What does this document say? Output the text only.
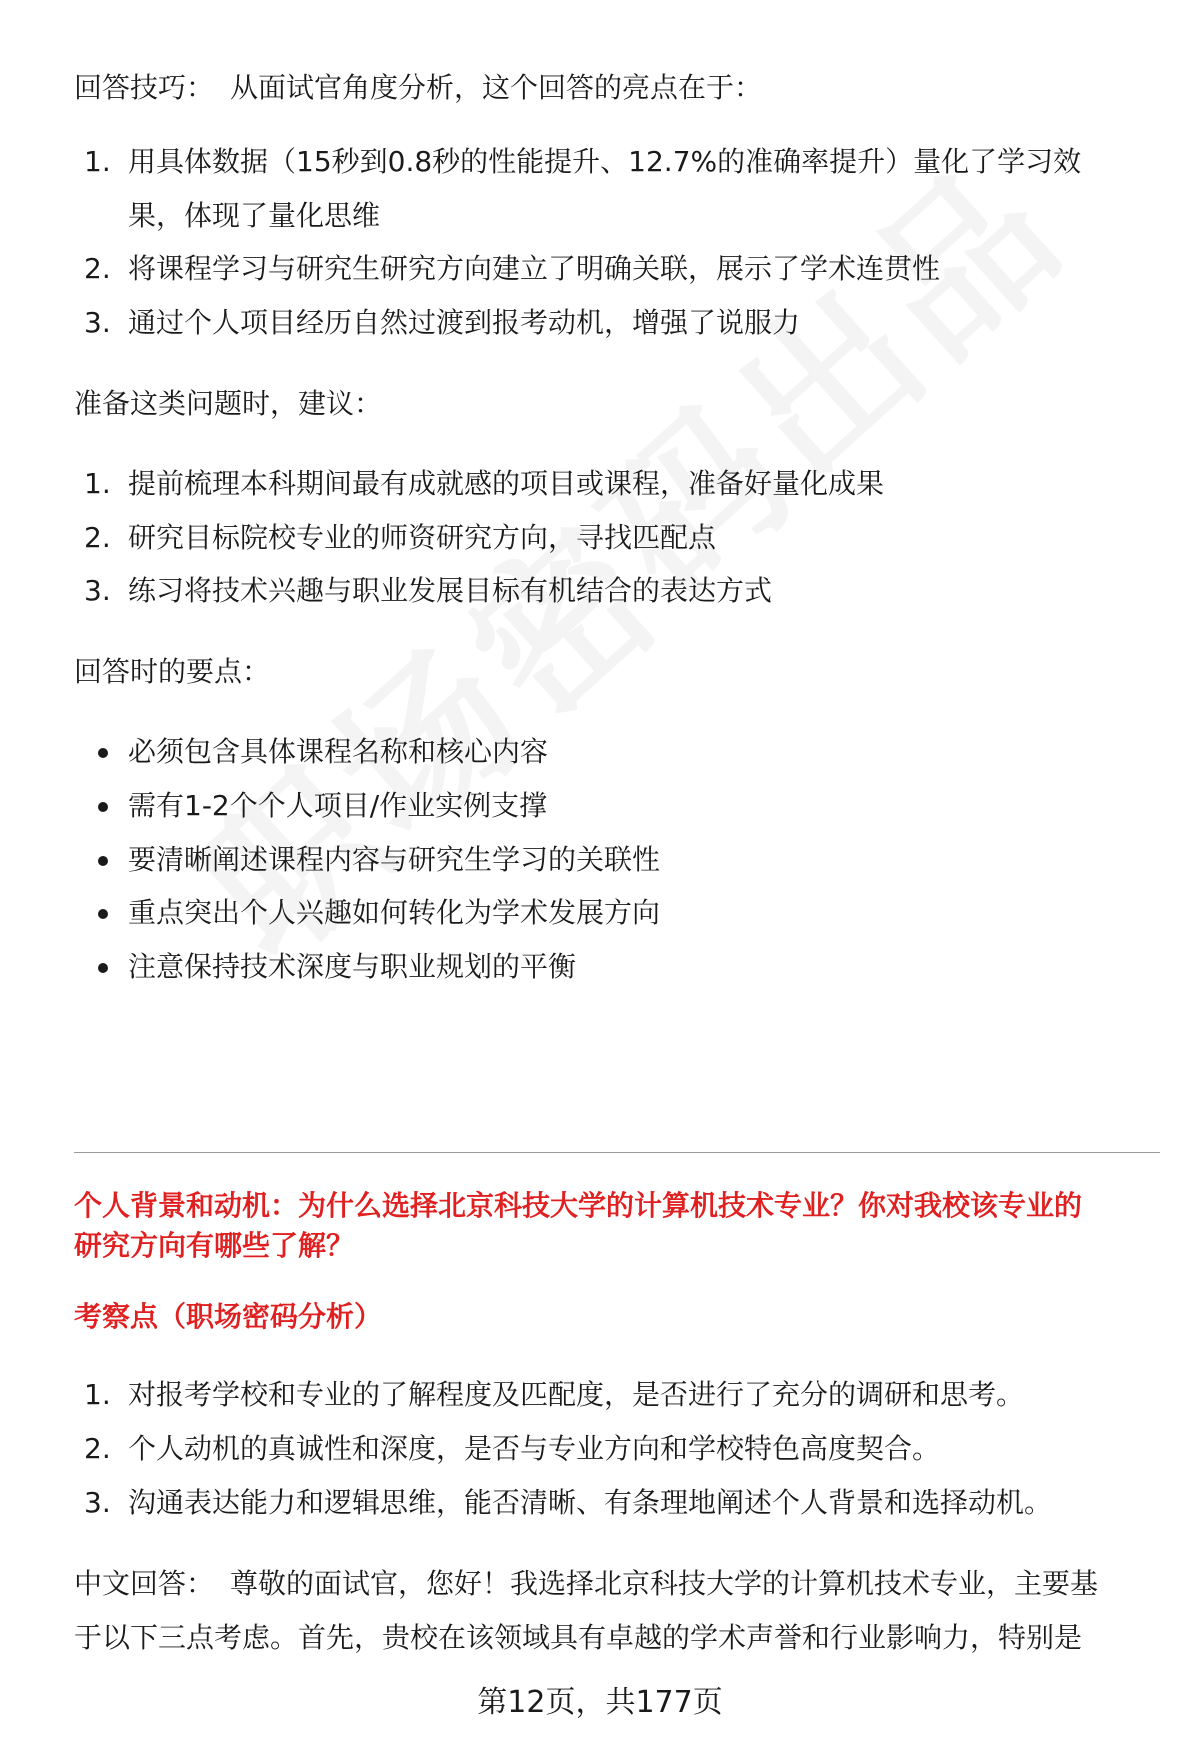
回答技巧： 从面试官角度分析，这个回答的亮点在于：
1. 用具体数据（15秒到0.8秒的性能提升、12.7%的准确率提升）量化了学习效
果，体现了量化思维
2. 将课程学习与研究生研究方向建立了明确关联，展示了学术连贯性
3. 通过个人项目经历自然过渡到报考动机，增强了说服力
准备这类问题时，建议：
1. 提前梳理本科期间最有成就感的项目或课程，准备好量化成果
2. 研究目标院校专业的师资研究方向，寻找匹配点
3. 练习将技术兴趣与职业发展目标有机结合的表达方式
回答时的要点：
必须包含具体课程名称和核心内容
需有1-2个个人项目/作业实例支撑
要清晰阐述课程内容与研究生学习的关联性
重点突出个人兴趣如何转化为学术发展方向
注意保持技术深度与职业规划的平衡
个人背景和动机：为什么选择北京科技大学的计算机技术专业？你对我校该专业的
研究方向有哪些了解？
考察点（职场密码分析）
1. 对报考学校和专业的了解程度及匹配度，是否进行了充分的调研和思考。
2. 个人动机的真诚性和深度，是否与专业方向和学校特色高度契合。
3. 沟通表达能力和逻辑思维，能否清晰、有条理地阐述个人背景和选择动机。
中文回答： 尊敬的面试官，您好！我选择北京科技大学的计算机技术专业，主要基
于以下三点考虑。首先，贵校在该领域具有卓越的学术声誉和行业影响力，特别是
第12页，共177页
